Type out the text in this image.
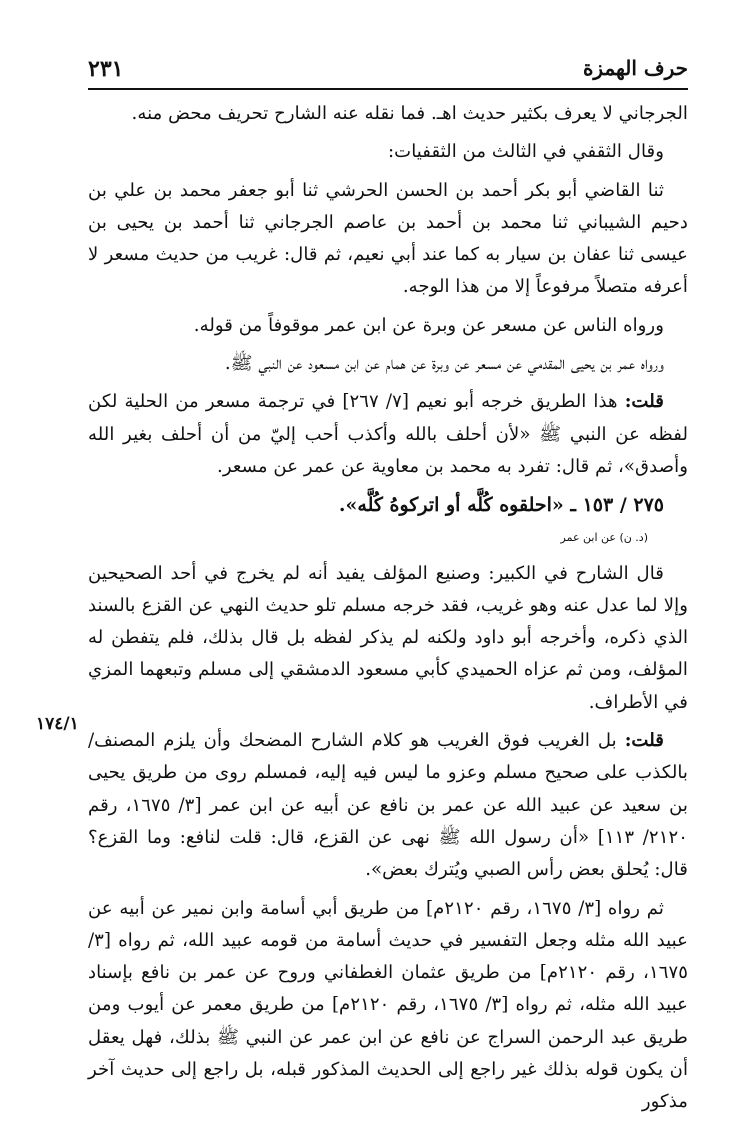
حرف الهمزة
٢٣١
١٧٤/١

الجرجاني لا يعرف بكثير حديث اهـ. فما نقله عنه الشارح تحريف محض منه.

وقال الثقفي في الثالث من الثقفيات:

ثنا القاضي أبو بكر أحمد بن الحسن الحرشي ثنا أبو جعفر محمد بن علي بن دحيم الشيباني ثنا محمد بن أحمد بن عاصم الجرجاني ثنا أحمد بن يحيى بن عيسى ثنا عفان بن سيار به كما عند أبي نعيم، ثم قال: غريب من حديث مسعر لا أعرفه متصلاً مرفوعاً إلا من هذا الوجه.

ورواه الناس عن مسعر عن وبرة عن ابن عمر موقوفاً من قوله.

ورواه عمر بن يحيى المقدمي عن مسعر عن وبرة عن همام عن ابن مسعود عن النبي ﷺ.

قلت: هذا الطريق خرجه أبو نعيم [٧/ ٢٦٧] في ترجمة مسعر من الحلية لكن لفظه عن النبي ﷺ «لأن أحلف بالله وأكذب أحب إليّ من أن أحلف بغير الله وأصدق»، ثم قال: تفرد به محمد بن معاوية عن عمر عن مسعر.

٢٧٥ / ١٥٣ ـ «احلقوه كُلَّه أو اتركوهُ كُلَّه».

(د. ن) عن ابن عمر

قال الشارح في الكبير: وصنيع المؤلف يفيد أنه لم يخرج في أحد الصحيحين وإلا لما عدل عنه وهو غريب، فقد خرجه مسلم تلو حديث النهي عن القزع بالسند الذي ذكره، وأخرجه أبو داود ولكنه لم يذكر لفظه بل قال بذلك، فلم يتفطن له المؤلف، ومن ثم عزاه الحميدي كأبي مسعود الدمشقي إلى مسلم وتبعهما المزي في الأطراف.

قلت: بل الغريب فوق الغريب هو كلام الشارح المضحك وأن يلزم المصنف/ بالكذب على صحيح مسلم وعزو ما ليس فيه إليه، فمسلم روى من طريق يحيى بن سعيد عن عبيد الله عن عمر بن نافع عن أبيه عن ابن عمر [٣/ ١٦٧٥، رقم ٢١٢٠/ ١١٣] «أن رسول الله ﷺ نهى عن القزع، قال: قلت لنافع: وما القزع؟ قال: يُحلق بعض رأس الصبي ويُترك بعض».

ثم رواه [٣/ ١٦٧٥، رقم ٢١٢٠م] من طريق أبي أسامة وابن نمير عن أبيه عن عبيد الله مثله وجعل التفسير في حديث أسامة من قومه عبيد الله، ثم رواه [٣/ ١٦٧٥، رقم ٢١٢٠م] من طريق عثمان الغطفاني وروح عن عمر بن نافع بإسناد عبيد الله مثله، ثم رواه [٣/ ١٦٧٥، رقم ٢١٢٠م] من طريق معمر عن أيوب ومن طريق عبد الرحمن السراج عن نافع عن ابن عمر عن النبي ﷺ بذلك، فهل يعقل أن يكون قوله بذلك غير راجع إلى الحديث المذكور قبله، بل راجع إلى حديث آخر مذكور
